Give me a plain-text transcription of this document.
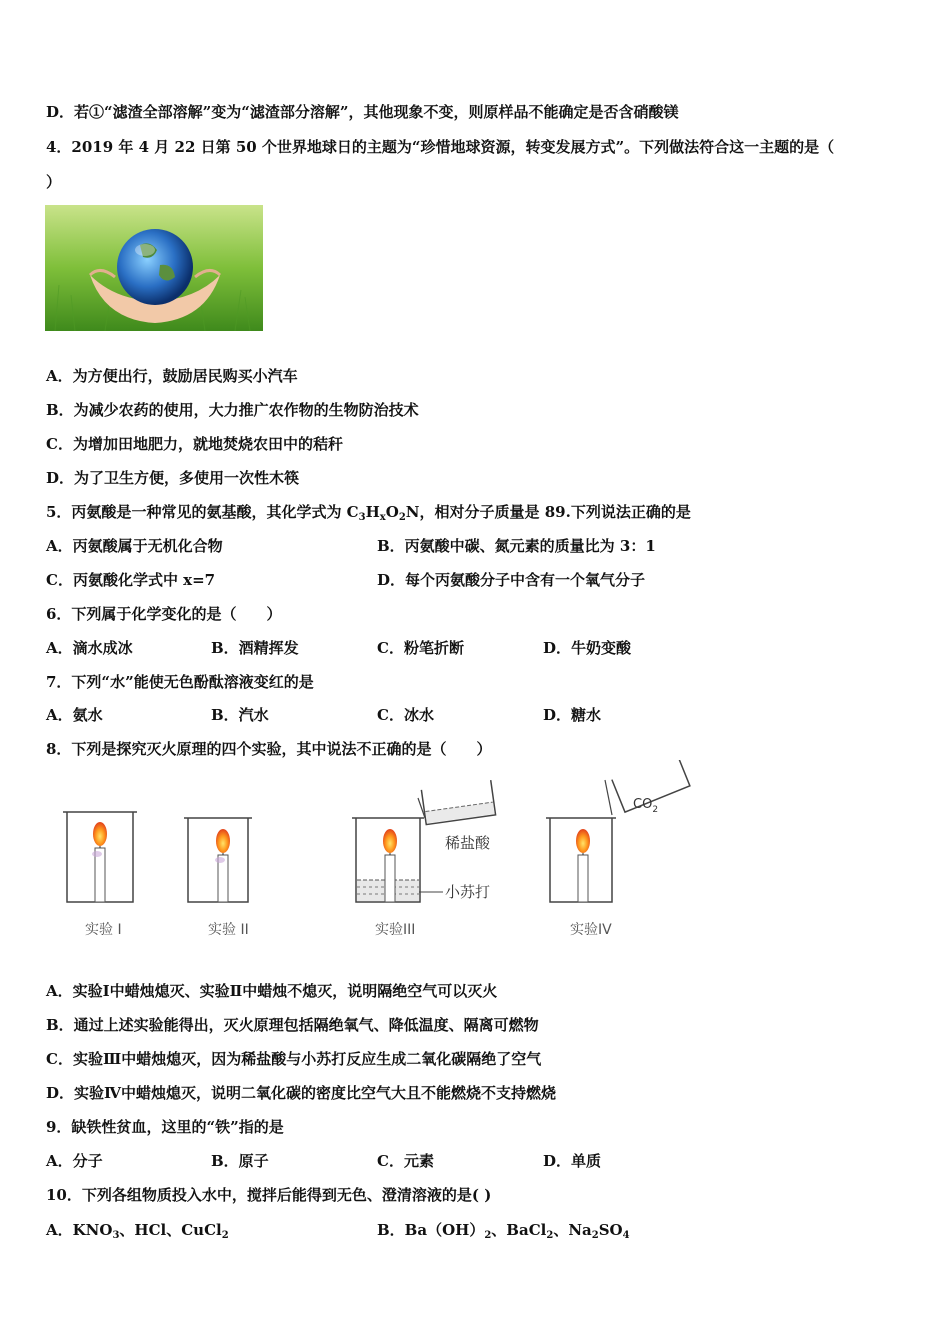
D．若①“滤渣全部溶解”变为“滤渣部分溶解”，其他现象不变，则原样品不能确定是否含硝酸镁
4．2019 年 4 月 22 日第 50 个世界地球日的主题为“珍惜地球资源，转变发展方式”。下列做法符合这一主题的是（
）
A．为方便出行，鼓励居民购买小汽车
B．为减少农药的使用，大力推广农作物的生物防治技术
C．为增加田地肥力，就地焚烧农田中的秸秆
D．为了卫生方便，多使用一次性木筷
5．丙氨酸是一种常见的氨基酸，其化学式为 $C_3H_xO_2N$，相对分子质量是 89.下列说法正确的是
A．丙氨酸属于无机化合物	B．丙氨酸中碳、氮元素的质量比为 3：1
C．丙氨酸化学式中 x=7	D．每个丙氨酸分子中含有一个氧气分子
6．下列属于化学变化的是（　　）
A．滴水成冰	B．酒精挥发	C．粉笔折断	D．牛奶变酸
7．下列“水”能使无色酚酞溶液变红的是
A．氨水	B．汽水	C．冰水	D．糖水
8．下列是探究灭火原理的四个实验，其中说法不正确的是（　　）
实验 I	实验 II
稀盐酸
小苏打
实验III
$CO_2$
实验IV
A．实验Ⅰ中蜡烛熄灭、实验Ⅱ中蜡烛不熄灭，说明隔绝空气可以灭火
B．通过上述实验能得出，灭火原理包括隔绝氧气、降低温度、隔离可燃物
C．实验Ⅲ中蜡烛熄灭，因为稀盐酸与小苏打反应生成二氧化碳隔绝了空气
D．实验Ⅳ中蜡烛熄灭，说明二氧化碳的密度比空气大且不能燃烧不支持燃烧
9．缺铁性贫血，这里的“铁”指的是
A．分子	B．原子	C．元素	D．单质
10．下列各组物质投入水中，搅拌后能得到无色、澄清溶液的是( )
A．$KNO_3$、HCl、CuCl$_2$	B．$Ba(OH)_2$、BaCl$_2$、$Na_2SO_4$
